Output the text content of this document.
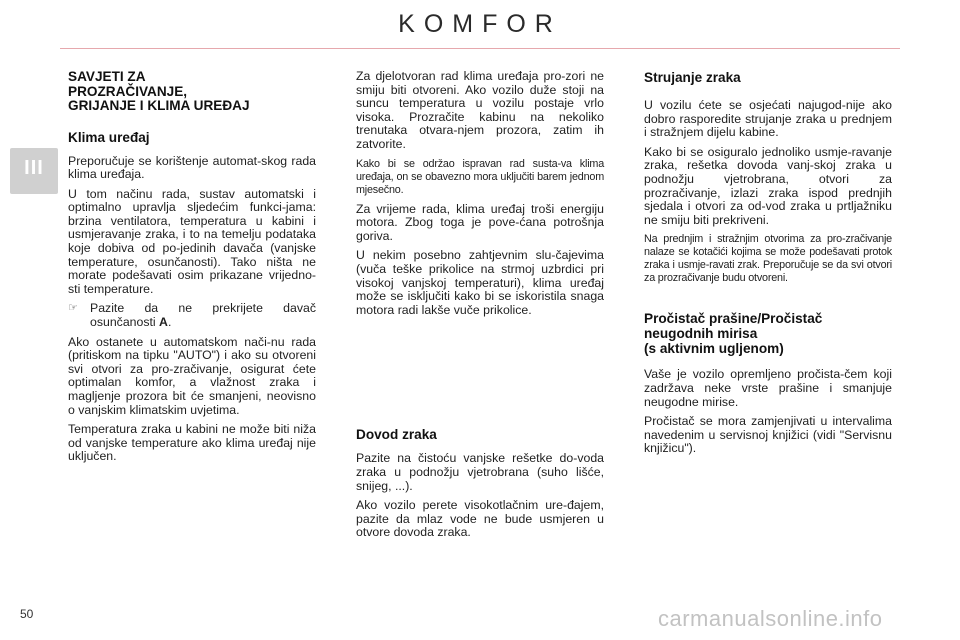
KOMFOR
III
SAVJETI ZA
PROZRAČIVANJE,
GRIJANJE I KLIMA UREĐAJ
Klima uređaj

Preporučuje se korištenje automat-skog rada klima uređaja.

U tom načinu rada, sustav automatski i optimalno upravlja sljedećim funkci-jama: brzina ventilatora, temperatura u kabini i usmjeravanje zraka, i to na temelju podataka koje dobiva od po-jedinih davača (vanjske temperature, osunčanosti). Tako ništa ne morate podešavati osim prikazane vrijedno-sti temperature.

☞ Pazite da ne prekrijete davač osunčanosti A.

Ako ostanete u automatskom nači-nu rada (pritiskom na tipku "AUTO") i ako su otvoreni svi otvori za pro-zračivanje, osigurat ćete optimalan komfor, a vlažnost zraka i magljenje prozora bit će smanjeni, neovisno o vanjskim klimatskim uvjetima.

Temperatura zraka u kabini ne može biti niža od vanjske temperature ako klima uređaj nije uključen.

Za djelotvoran rad klima uređaja pro-zori ne smiju biti otvoreni. Ako vozilo duže stoji na suncu temperatura u vozilu postaje vrlo visoka. Prozračite kabinu na nekoliko trenutaka otvara-njem prozora, zatim ih zatvorite.

Kako bi se održao ispravan rad susta-va klima uređaja, on se obavezno mora uključiti barem jednom mjesečno.

Za vrijeme rada, klima uređaj troši energiju motora. Zbog toga je pove-ćana potrošnja goriva.

U nekim posebno zahtjevnim slu-čajevima (vuča teške prikolice na strmoj uzbrdici pri visokoj vanjskoj temperaturi), klima uređaj može se isključiti kako bi se iskoristila snaga motora radi lakše vuče prikolice.

Dovod zraka

Pazite na čistoću vanjske rešetke do-voda zraka u podnožju vjetrobrana (suho lišće, snijeg, ...).

Ako vozilo perete visokotlačnim ure-đajem, pazite da mlaz vode ne bude usmjeren u otvore dovoda zraka.

Strujanje zraka

U vozilu ćete se osjećati najugod-nije ako dobro rasporedite strujanje zraka u prednjem i stražnjem dijelu kabine.

Kako bi se osiguralo jednoliko usmje-ravanje zraka, rešetka dovoda vanj-skoj zraka u podnožju vjetrobrana, otvori za prozračivanje, izlazi zraka ispod prednjih sjedala i otvori za od-vod zraka u prtljažniku ne smiju biti prekriveni.

Na prednjim i stražnjim otvorima za pro-zračivanje nalaze se kotačići kojima se može podešavati protok zraka i usmje-ravati zrak. Preporučuje se da svi otvori za prozračivanje budu otvoreni.

Pročistač prašine/Pročistač
neugodnih mirisa
(s aktivnim ugljenom)

Vaše je vozilo opremljeno pročista-čem koji zadržava neke vrste prašine i smanjuje neugodne mirise.

Pročistač se mora zamjenjivati u intervalima navedenim u servisnoj knjižici (vidi "Servisnu knjižicu").

50	carmanualsonline.info
